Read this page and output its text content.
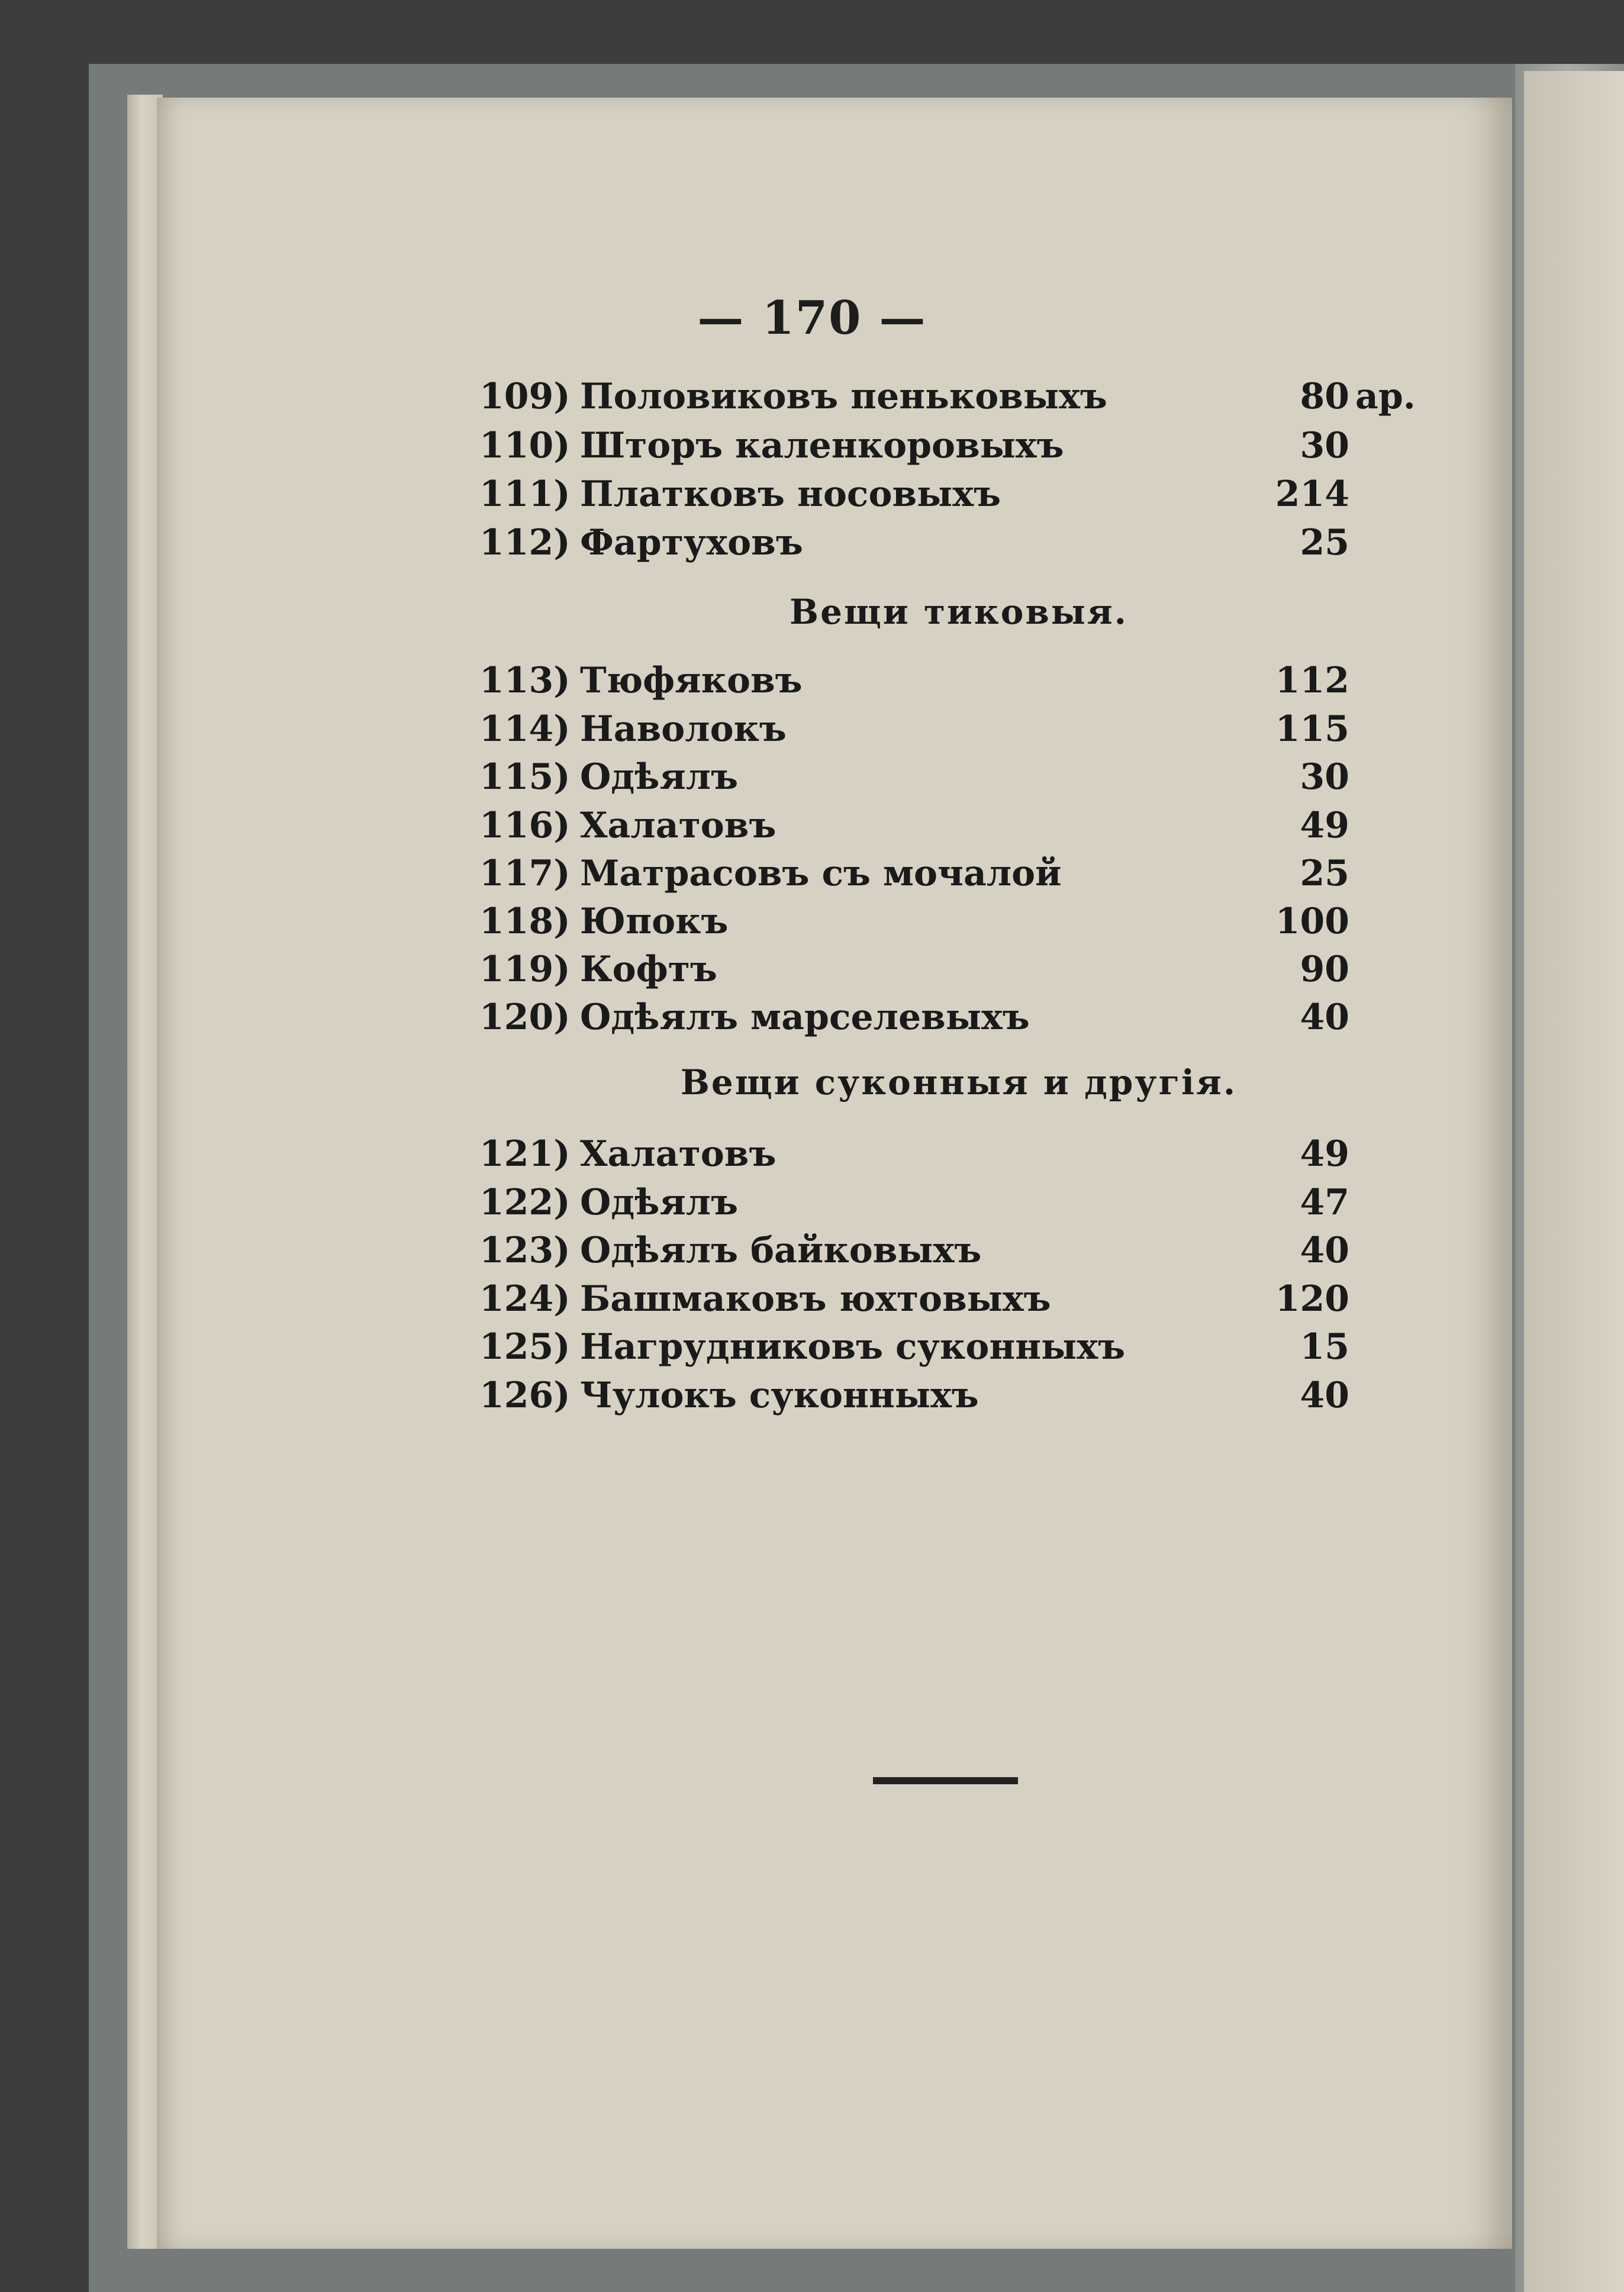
— 170 —
109) Половиковъ пеньковыхъ	80 ар.
110) Шторъ каленкоровыхъ	30
111) Платковъ носовыхъ	214
112) Фартуховъ	25
Вещи тиковыя.
113) Тюфяковъ	112
114) Наволокъ	115
115) Одѣялъ	30
116) Халатовъ	49
117) Матрасовъ съ мочалой	25
118) Юпокъ	100
119) Кофтъ	90
120) Одѣялъ марселевыхъ	40
Вещи суконныя и другія.
121) Халатовъ	49
122) Одѣялъ	47
123) Одѣялъ байковыхъ	40
124) Башмаковъ юхтовыхъ	120
125) Нагрудниковъ суконныхъ	15
126) Чулокъ суконныхъ	40
